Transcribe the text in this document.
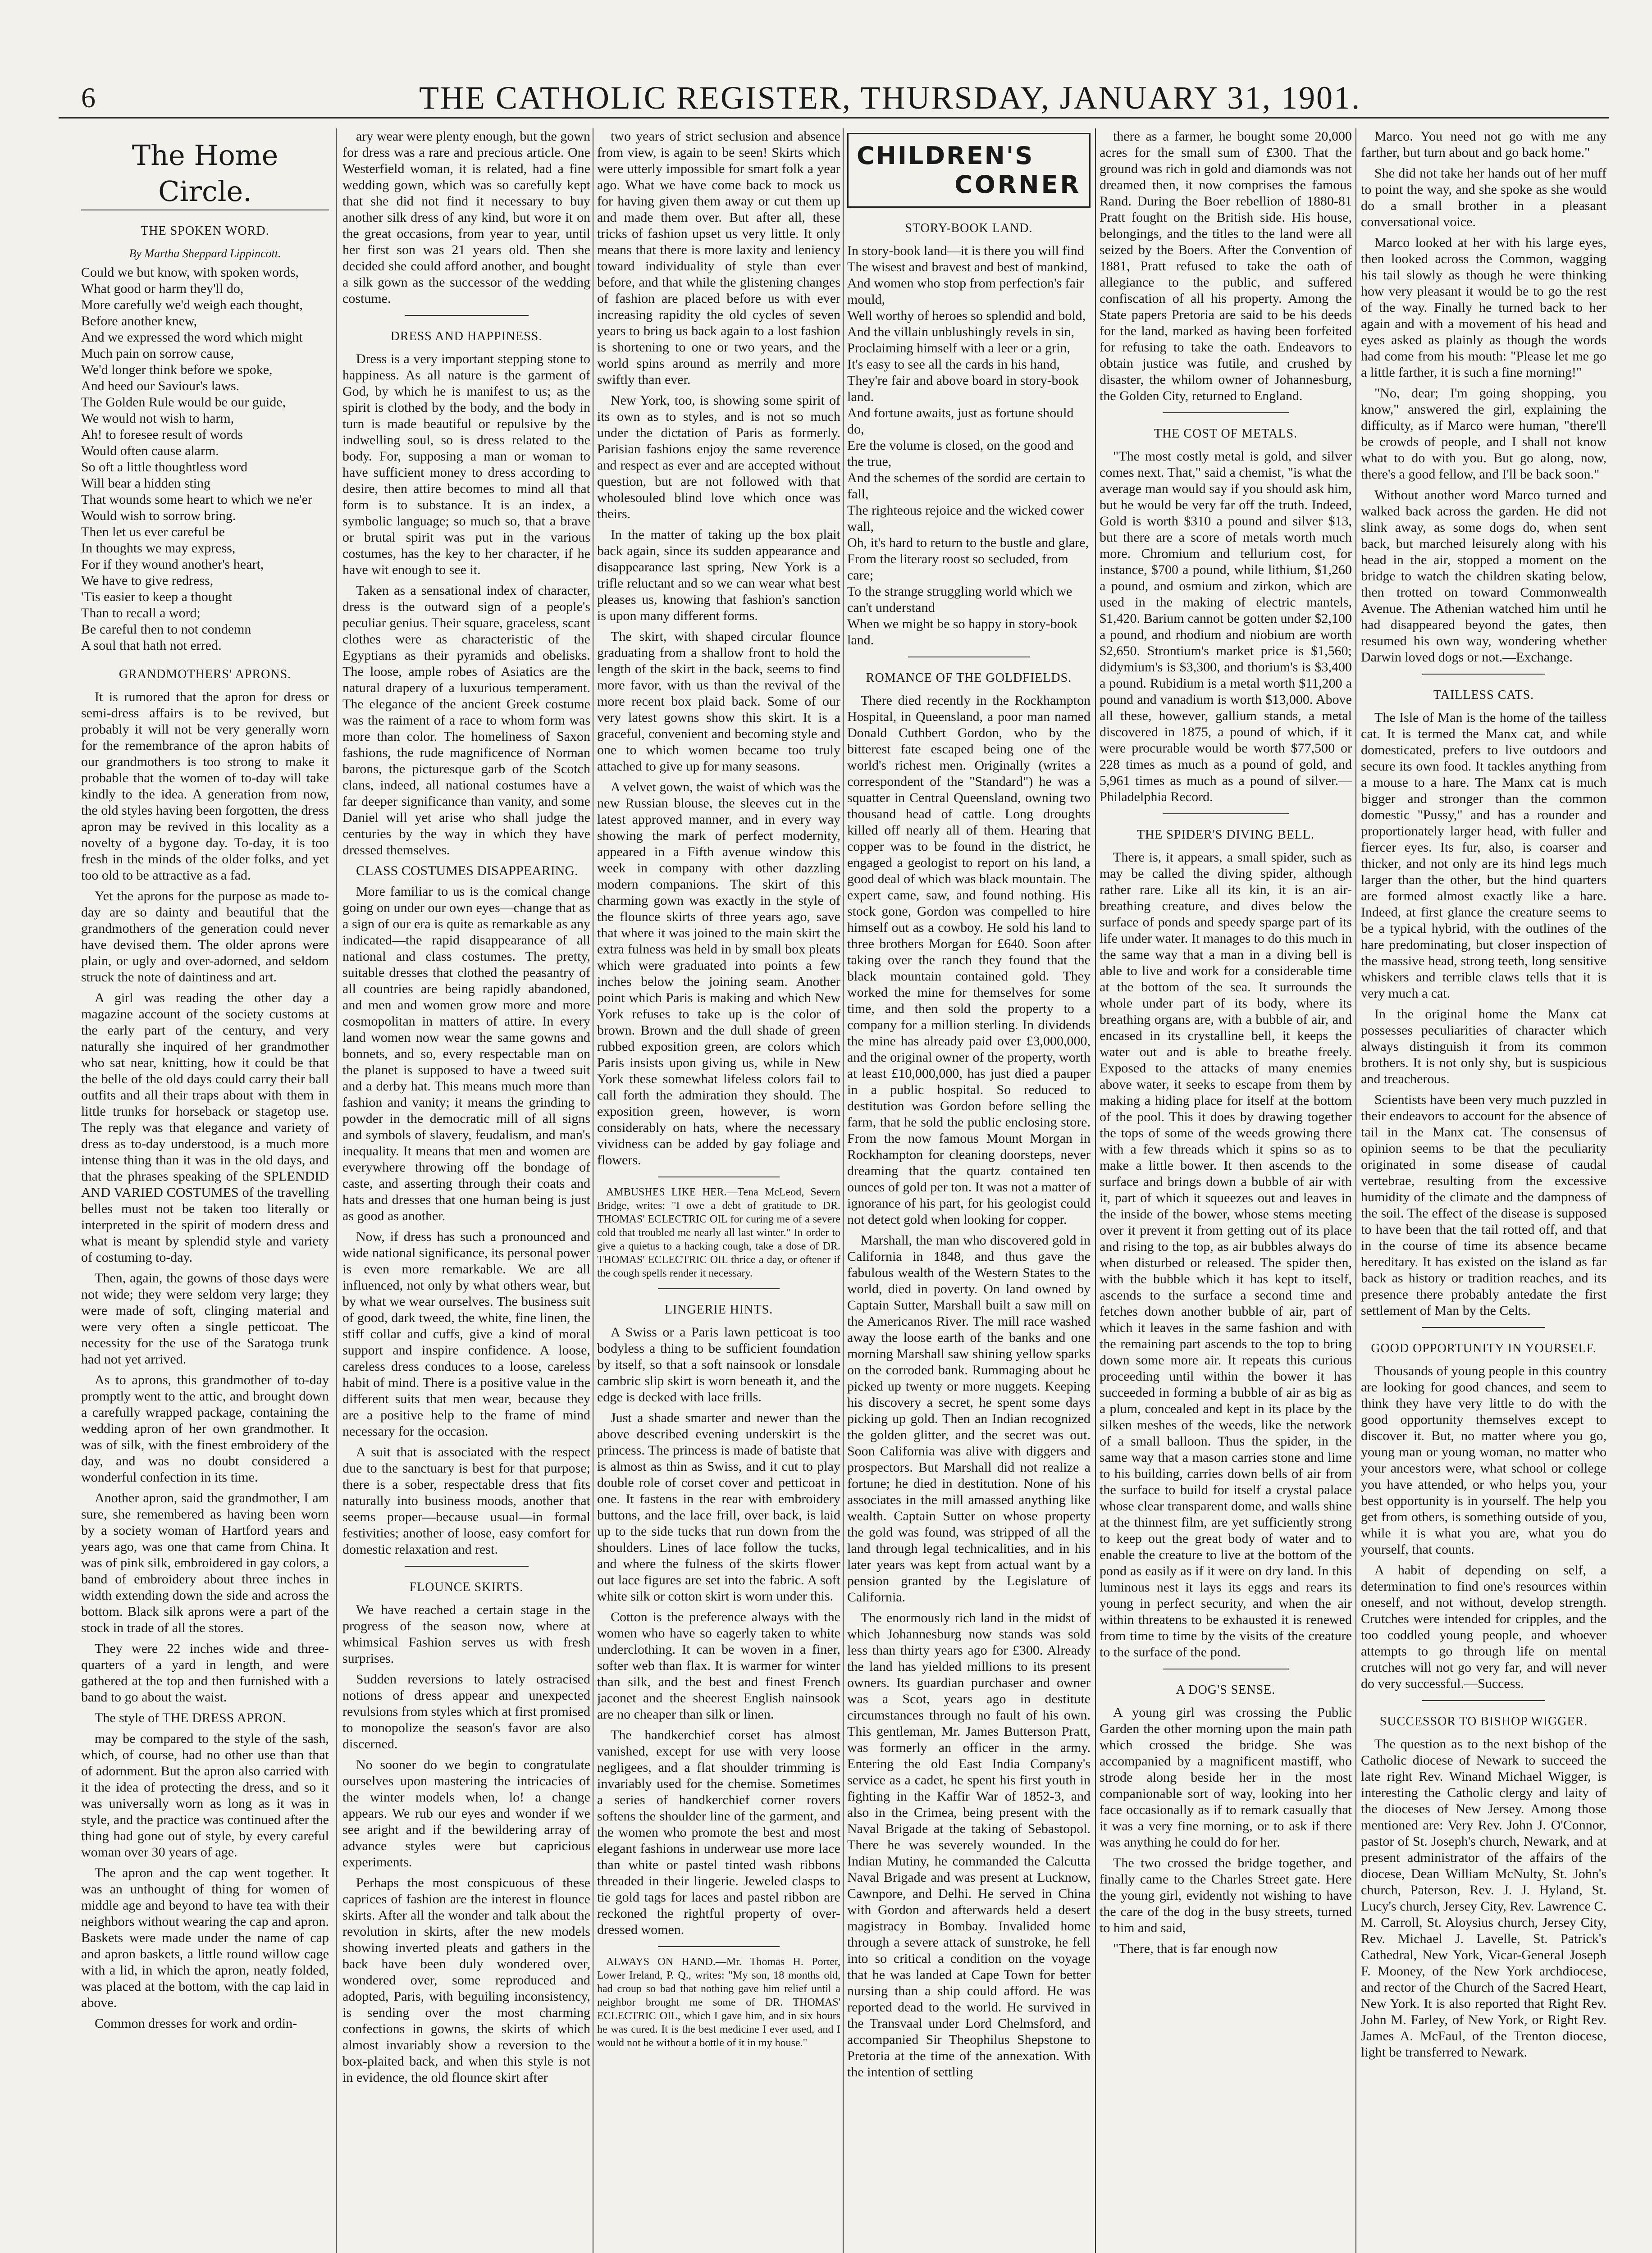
6	THE CATHOLIC REGISTER, THURSDAY, JANUARY 31, 1901.
The Home Circle.
THE SPOKEN WORD.
By Martha Sheppard Lippincott.

Could we but know, with spoken words,

What good or harm they'll do,

More carefully we'd weigh each thought,

Before another knew,

And we expressed the word which might

Much pain on sorrow cause,

We'd longer think before we spoke,

And heed our Saviour's laws.

The Golden Rule would be our guide,

We would not wish to harm,

Ah! to foresee result of words

Would often cause alarm.

So oft a little thoughtless word

Will bear a hidden sting

That wounds some heart to which we ne'er

Would wish to sorrow bring.

Then let us ever careful be

In thoughts we may express,

For if they wound another's heart,

We have to give redress,

'Tis easier to keep a thought

Than to recall a word;

Be careful then to not condemn

A soul that hath not erred.

GRANDMOTHERS' APRONS.

It is rumored that the apron for dress or semi-dress affairs is to be revived, but probably it will not be very generally worn for the remembrance of the apron habits of our grandmothers is too strong to make it probable that the women of to-day will take kindly to the idea. A generation from now, the old styles having been forgotten, the dress apron may be revived in this locality as a novelty of a bygone day. To-day, it is too fresh in the minds of the older folks, and yet too old to be attractive as a fad.

Yet the aprons for the purpose as made to-day are so dainty and beautiful that the grandmothers of the generation could never have devised them. The older aprons were plain, or ugly and over-adorned, and seldom struck the note of daintiness and art.

A girl was reading the other day a magazine account of the society customs at the early part of the century, and very naturally she inquired of her grandmother who sat near, knitting, how it could be that the belle of the old days could carry their ball outfits and all their traps about with them in little trunks for horseback or stagetop use. The reply was that elegance and variety of dress as to-day understood, is a much more intense thing than it was in the old days, and that the phrases speaking of the SPLENDID AND VARIED COSTUMES of the travelling belles must not be taken too literally or interpreted in the spirit of modern dress and what is meant by splendid style and variety of costuming to-day.

Then, again, the gowns of those days were not wide; they were seldom very large; they were made of soft, clinging material and were very often a single petticoat. The necessity for the use of the Saratoga trunk had not yet arrived.

As to aprons, this grandmother of to-day promptly went to the attic, and brought down a carefully wrapped package, containing the wedding apron of her own grandmother. It was of silk, with the finest embroidery of the day, and was no doubt considered a wonderful confection in its time.

Another apron, said the grandmother, I am sure, she remembered as having been worn by a society woman of Hartford years and years ago, was one that came from China. It was of pink silk, embroidered in gay colors, a band of embroidery about three inches in width extending down the side and across the bottom. Black silk aprons were a part of the stock in trade of all the stores.

They were 22 inches wide and three-quarters of a yard in length, and were gathered at the top and then furnished with a band to go about the waist.

The style of THE DRESS APRON.

may be compared to the style of the sash, which, of course, had no other use than that of adornment. But the apron also carried with it the idea of protecting the dress, and so it was universally worn as long as it was in style, and the practice was continued after the thing had gone out of style, by every careful woman over 30 years of age.

The apron and the cap went together. It was an unthought of thing for women of middle age and beyond to have tea with their neighbors without wearing the cap and apron. Baskets were made under the name of cap and apron baskets, a little round willow cage with a lid, in which the apron, neatly folded, was placed at the bottom, with the cap laid in above.

Common dresses for work and ordin-

ary wear were plenty enough, but the gown for dress was a rare and precious article. One Westerfield woman, it is related, had a fine wedding gown, which was so carefully kept that she did not find it necessary to buy another silk dress of any kind, but wore it on the great occasions, from year to year, until her first son was 21 years old. Then she decided she could afford another, and bought a silk gown as the successor of the wedding costume.

DRESS AND HAPPINESS.

Dress is a very important stepping stone to happiness. As all nature is the garment of God, by which he is manifest to us; as the spirit is clothed by the body, and the body in turn is made beautiful or repulsive by the indwelling soul, so is dress related to the body. For, supposing a man or woman to have sufficient money to dress according to desire, then attire becomes to mind all that form is to substance. It is an index, a symbolic language; so much so, that a brave or brutal spirit was put in the various costumes, has the key to her character, if he have wit enough to see it.

Taken as a sensational index of character, dress is the outward sign of a people's peculiar genius. Their square, graceless, scant clothes were as characteristic of the Egyptians as their pyramids and obelisks. The loose, ample robes of Asiatics are the natural drapery of a luxurious temperament. The elegance of the ancient Greek costume was the raiment of a race to whom form was more than color. The homeliness of Saxon fashions, the rude magnificence of Norman barons, the picturesque garb of the Scotch clans, indeed, all national costumes have a far deeper significance than vanity, and some Daniel will yet arise who shall judge the centuries by the way in which they have dressed themselves.

CLASS COSTUMES DISAPPEARING.

More familiar to us is the comical change going on under our own eyes—change that as a sign of our era is quite as remarkable as any indicated—the rapid disappearance of all national and class costumes. The pretty, suitable dresses that clothed the peasantry of all countries are being rapidly abandoned, and men and women grow more and more cosmopolitan in matters of attire. In every land women now wear the same gowns and bonnets, and so, every respectable man on the planet is supposed to have a tweed suit and a derby hat. This means much more than fashion and vanity; it means the grinding to powder in the democratic mill of all signs and symbols of slavery, feudalism, and man's inequality. It means that men and women are everywhere throwing off the bondage of caste, and asserting through their coats and hats and dresses that one human being is just as good as another.

Now, if dress has such a pronounced and wide national significance, its personal power is even more remarkable. We are all influenced, not only by what others wear, but by what we wear ourselves. The business suit of good, dark tweed, the white, fine linen, the stiff collar and cuffs, give a kind of moral support and inspire confidence. A loose, careless dress conduces to a loose, careless habit of mind. There is a positive value in the different suits that men wear, because they are a positive help to the frame of mind necessary for the occasion.

A suit that is associated with the respect due to the sanctuary is best for that purpose; there is a sober, respectable dress that fits naturally into business moods, another that seems proper—because usual—in formal festivities; another of loose, easy comfort for domestic relaxation and rest.

FLOUNCE SKIRTS.

We have reached a certain stage in the progress of the season now, where at whimsical Fashion serves us with fresh surprises.

Sudden reversions to lately ostracised notions of dress appear and unexpected revulsions from styles which at first promised to monopolize the season's favor are also discerned.

No sooner do we begin to congratulate ourselves upon mastering the intricacies of the winter models when, lo! a change appears. We rub our eyes and wonder if we see aright and if the bewildering array of advance styles were but capricious experiments.

Perhaps the most conspicuous of these caprices of fashion are the interest in flounce skirts. After all the wonder and talk about the revolution in skirts, after the new models showing inverted pleats and gathers in the back have been duly wondered over, wondered over, some reproduced and adopted, Paris, with beguiling inconsistency, is sending over the most charming confections in gowns, the skirts of which almost invariably show a reversion to the box-plaited back, and when this style is not in evidence, the old flounce skirt after

two years of strict seclusion and absence from view, is again to be seen! Skirts which were utterly impossible for smart folk a year ago. What we have come back to mock us for having given them away or cut them up and made them over. But after all, these tricks of fashion upset us very little. It only means that there is more laxity and leniency toward individuality of style than ever before, and that while the glistening changes of fashion are placed before us with ever increasing rapidity the old cycles of seven years to bring us back again to a lost fashion is shortening to one or two years, and the world spins around as merrily and more swiftly than ever.

New York, too, is showing some spirit of its own as to styles, and is not so much under the dictation of Paris as formerly. Parisian fashions enjoy the same reverence and respect as ever and are accepted without question, but are not followed with that wholesouled blind love which once was theirs.

In the matter of taking up the box plait back again, since its sudden appearance and disappearance last spring, New York is a trifle reluctant and so we can wear what best pleases us, knowing that fashion's sanction is upon many different forms.

The skirt, with shaped circular flounce graduating from a shallow front to hold the length of the skirt in the back, seems to find more favor, with us than the revival of the more recent box plaid back. Some of our very latest gowns show this skirt. It is a graceful, convenient and becoming style and one to which women became too truly attached to give up for many seasons.

A velvet gown, the waist of which was the new Russian blouse, the sleeves cut in the latest approved manner, and in every way showing the mark of perfect modernity, appeared in a Fifth avenue window this week in company with other dazzling modern companions. The skirt of this charming gown was exactly in the style of the flounce skirts of three years ago, save that where it was joined to the main skirt the extra fulness was held in by small box pleats which were graduated into points a few inches below the joining seam. Another point which Paris is making and which New York refuses to take up is the color of brown. Brown and the dull shade of green rubbed exposition green, are colors which Paris insists upon giving us, while in New York these somewhat lifeless colors fail to call forth the admiration they should. The exposition green, however, is worn considerably on hats, where the necessary vividness can be added by gay foliage and flowers.

AMBUSHES LIKE HER.—Tena McLeod, Severn Bridge, writes: "I owe a debt of gratitude to DR. THOMAS' ECLECTRIC OIL for curing me of a severe cold that troubled me nearly all last winter." In order to give a quietus to a hacking cough, take a dose of DR. THOMAS' ECLECTRIC OIL thrice a day, or oftener if the cough spells render it necessary.

LINGERIE HINTS.

A Swiss or a Paris lawn petticoat is too bodyless a thing to be sufficient foundation by itself, so that a soft nainsook or lonsdale cambric slip skirt is worn beneath it, and the edge is decked with lace frills.

Just a shade smarter and newer than the above described evening underskirt is the princess. The princess is made of batiste that is almost as thin as Swiss, and it cut to play double role of corset cover and petticoat in one. It fastens in the rear with embroidery buttons, and the lace frill, over back, is laid up to the side tucks that run down from the shoulders. Lines of lace follow the tucks, and where the fulness of the skirts flower out lace figures are set into the fabric. A soft white silk or cotton skirt is worn under this.

Cotton is the preference always with the women who have so eagerly taken to white underclothing. It can be woven in a finer, softer web than flax. It is warmer for winter than silk, and the best and finest French jaconet and the sheerest English nainsook are no cheaper than silk or linen.

The handkerchief corset has almost vanished, except for use with very loose negligees, and a flat shoulder trimming is invariably used for the chemise. Sometimes a series of handkerchief corner rovers softens the shoulder line of the garment, and the women who promote the best and most elegant fashions in underwear use more lace than white or pastel tinted wash ribbons threaded in their lingerie. Jeweled clasps to tie gold tags for laces and pastel ribbon are reckoned the rightful property of over-dressed women.

ALWAYS ON HAND.—Mr. Thomas H. Porter, Lower Ireland, P. Q., writes: "My son, 18 months old, had croup so bad that nothing gave him relief until a neighbor brought me some of DR. THOMAS' ECLECTRIC OIL, which I gave him, and in six hours he was cured. It is the best medicine I ever used, and I would not be without a bottle of it in my house."

CHILDREN'S
CORNER
STORY-BOOK LAND.

In story-book land—it is there you will find

The wisest and bravest and best of mankind,

And women who stop from perfection's fair mould,

Well worthy of heroes so splendid and bold,

And the villain unblushingly revels in sin,

Proclaiming himself with a leer or a grin,

It's easy to see all the cards in his hand,

They're fair and above board in story-book land.

And fortune awaits, just as fortune should do,

Ere the volume is closed, on the good and the true,

And the schemes of the sordid are certain to fall,

The righteous rejoice and the wicked cower wall,

Oh, it's hard to return to the bustle and glare,

From the literary roost so secluded, from care;

To the strange struggling world which we can't understand

When we might be so happy in story-book land.

ROMANCE OF THE GOLDFIELDS.

There died recently in the Rockhampton Hospital, in Queensland, a poor man named Donald Cuthbert Gordon, who by the bitterest fate escaped being one of the world's richest men. Originally (writes a correspondent of the "Standard") he was a squatter in Central Queensland, owning two thousand head of cattle. Long droughts killed off nearly all of them. Hearing that copper was to be found in the district, he engaged a geologist to report on his land, a good deal of which was black mountain. The expert came, saw, and found nothing. His stock gone, Gordon was compelled to hire himself out as a cowboy. He sold his land to three brothers Morgan for £640. Soon after taking over the ranch they found that the black mountain contained gold. They worked the mine for themselves for some time, and then sold the property to a company for a million sterling. In dividends the mine has already paid over £3,000,000, and the original owner of the property, worth at least £10,000,000, has just died a pauper in a public hospital. So reduced to destitution was Gordon before selling the farm, that he sold the public enclosing store. From the now famous Mount Morgan in Rockhampton for cleaning doorsteps, never dreaming that the quartz contained ten ounces of gold per ton. It was not a matter of ignorance of his part, for his geologist could not detect gold when looking for copper.

Marshall, the man who discovered gold in California in 1848, and thus gave the fabulous wealth of the Western States to the world, died in poverty. On land owned by Captain Sutter, Marshall built a saw mill on the Americanos River. The mill race washed away the loose earth of the banks and one morning Marshall saw shining yellow sparks on the corroded bank. Rummaging about he picked up twenty or more nuggets. Keeping his discovery a secret, he spent some days picking up gold. Then an Indian recognized the golden glitter, and the secret was out. Soon California was alive with diggers and prospectors. But Marshall did not realize a fortune; he died in destitution. None of his associates in the mill amassed anything like wealth. Captain Sutter on whose property the gold was found, was stripped of all the land through legal technicalities, and in his later years was kept from actual want by a pension granted by the Legislature of California.

The enormously rich land in the midst of which Johannesburg now stands was sold less than thirty years ago for £300. Already the land has yielded millions to its present owners. Its guardian purchaser and owner was a Scot, years ago in destitute circumstances through no fault of his own. This gentleman, Mr. James Butterson Pratt, was formerly an officer in the army. Entering the old East India Company's service as a cadet, he spent his first youth in fighting in the Kaffir War of 1852-3, and also in the Crimea, being present with the Naval Brigade at the taking of Sebastopol. There he was severely wounded. In the Indian Mutiny, he commanded the Calcutta Naval Brigade and was present at Lucknow, Cawnpore, and Delhi. He served in China with Gordon and afterwards held a desert magistracy in Bombay. Invalided home through a severe attack of sunstroke, he fell into so critical a condition on the voyage that he was landed at Cape Town for better nursing than a ship could afford. He was reported dead to the world. He survived in the Transvaal under Lord Chelmsford, and accompanied Sir Theophilus Shepstone to Pretoria at the time of the annexation. With the intention of settling

there as a farmer, he bought some 20,000 acres for the small sum of £300. That the ground was rich in gold and diamonds was not dreamed then, it now comprises the famous Rand. During the Boer rebellion of 1880-81 Pratt fought on the British side. His house, belongings, and the titles to the land were all seized by the Boers. After the Convention of 1881, Pratt refused to take the oath of allegiance to the public, and suffered confiscation of all his property. Among the State papers Pretoria are said to be his deeds for the land, marked as having been forfeited for refusing to take the oath. Endeavors to obtain justice was futile, and crushed by disaster, the whilom owner of Johannesburg, the Golden City, returned to England.

THE COST OF METALS.

"The most costly metal is gold, and silver comes next. That," said a chemist, "is what the average man would say if you should ask him, but he would be very far off the truth. Indeed, Gold is worth $310 a pound and silver $13, but there are a score of metals worth much more. Chromium and tellurium cost, for instance, $700 a pound, while lithium, $1,260 a pound, and osmium and zirkon, which are used in the making of electric mantels, $1,420. Barium cannot be gotten under $2,100 a pound, and rhodium and niobium are worth $2,650. Strontium's market price is $1,560; didymium's is $3,300, and thorium's is $3,400 a pound. Rubidium is a metal worth $11,200 a pound and vanadium is worth $13,000. Above all these, however, gallium stands, a metal discovered in 1875, a pound of which, if it were procurable would be worth $77,500 or 228 times as much as a pound of gold, and 5,961 times as much as a pound of silver.—Philadelphia Record.

THE SPIDER'S DIVING BELL.

There is, it appears, a small spider, such as may be called the diving spider, although rather rare. Like all its kin, it is an air-breathing creature, and dives below the surface of ponds and speedy sparge part of its life under water. It manages to do this much in the same way that a man in a diving bell is able to live and work for a considerable time at the bottom of the sea. It surrounds the whole under part of its body, where its breathing organs are, with a bubble of air, and encased in its crystalline bell, it keeps the water out and is able to breathe freely. Exposed to the attacks of many enemies above water, it seeks to escape from them by making a hiding place for itself at the bottom of the pool. This it does by drawing together the tops of some of the weeds growing there with a few threads which it spins so as to make a little bower. It then ascends to the surface and brings down a bubble of air with it, part of which it squeezes out and leaves in the inside of the bower, whose stems meeting over it prevent it from getting out of its place and rising to the top, as air bubbles always do when disturbed or released. The spider then, with the bubble which it has kept to itself, ascends to the surface a second time and fetches down another bubble of air, part of which it leaves in the same fashion and with the remaining part ascends to the top to bring down some more air. It repeats this curious proceeding until within the bower it has succeeded in forming a bubble of air as big as a plum, concealed and kept in its place by the silken meshes of the weeds, like the network of a small balloon. Thus the spider, in the same way that a mason carries stone and lime to his building, carries down bells of air from the surface to build for itself a crystal palace whose clear transparent dome, and walls shine at the thinnest film, are yet sufficiently strong to keep out the great body of water and to enable the creature to live at the bottom of the pond as easily as if it were on dry land. In this luminous nest it lays its eggs and rears its young in perfect security, and when the air within threatens to be exhausted it is renewed from time to time by the visits of the creature to the surface of the pond.

A DOG'S SENSE.

A young girl was crossing the Public Garden the other morning upon the main path which crossed the bridge. She was accompanied by a magnificent mastiff, who strode along beside her in the most companionable sort of way, looking into her face occasionally as if to remark casually that it was a very fine morning, or to ask if there was anything he could do for her.

The two crossed the bridge together, and finally came to the Charles Street gate. Here the young girl, evidently not wishing to have the care of the dog in the busy streets, turned to him and said,

"There, that is far enough now

Marco. You need not go with me any farther, but turn about and go back home."

She did not take her hands out of her muff to point the way, and she spoke as she would do a small brother in a pleasant conversational voice.

Marco looked at her with his large eyes, then looked across the Common, wagging his tail slowly as though he were thinking how very pleasant it would be to go the rest of the way. Finally he turned back to her again and with a movement of his head and eyes asked as plainly as though the words had come from his mouth: "Please let me go a little farther, it is such a fine morning!"

"No, dear; I'm going shopping, you know," answered the girl, explaining the difficulty, as if Marco were human, "there'll be crowds of people, and I shall not know what to do with you. But go along, now, there's a good fellow, and I'll be back soon."

Without another word Marco turned and walked back across the garden. He did not slink away, as some dogs do, when sent back, but marched leisurely along with his head in the air, stopped a moment on the bridge to watch the children skating below, then trotted on toward Commonwealth Avenue. The Athenian watched him until he had disappeared beyond the gates, then resumed his own way, wondering whether Darwin loved dogs or not.—Exchange.

TAILLESS CATS.

The Isle of Man is the home of the tailless cat. It is termed the Manx cat, and while domesticated, prefers to live outdoors and secure its own food. It tackles anything from a mouse to a hare. The Manx cat is much bigger and stronger than the common domestic "Pussy," and has a rounder and proportionately larger head, with fuller and fiercer eyes. Its fur, also, is coarser and thicker, and not only are its hind legs much larger than the other, but the hind quarters are formed almost exactly like a hare. Indeed, at first glance the creature seems to be a typical hybrid, with the outlines of the hare predominating, but closer inspection of the massive head, strong teeth, long sensitive whiskers and terrible claws tells that it is very much a cat.

In the original home the Manx cat possesses peculiarities of character which always distinguish it from its common brothers. It is not only shy, but is suspicious and treacherous.

Scientists have been very much puzzled in their endeavors to account for the absence of tail in the Manx cat. The consensus of opinion seems to be that the peculiarity originated in some disease of caudal vertebrae, resulting from the excessive humidity of the climate and the dampness of the soil. The effect of the disease is supposed to have been that the tail rotted off, and that in the course of time its absence became hereditary. It has existed on the island as far back as history or tradition reaches, and its presence there probably antedate the first settlement of Man by the Celts.

GOOD OPPORTUNITY IN YOURSELF.

Thousands of young people in this country are looking for good chances, and seem to think they have very little to do with the good opportunity themselves except to discover it. But, no matter where you go, young man or young woman, no matter who your ancestors were, what school or college you have attended, or who helps you, your best opportunity is in yourself. The help you get from others, is something outside of you, while it is what you are, what you do yourself, that counts.

A habit of depending on self, a determination to find one's resources within oneself, and not without, develop strength. Crutches were intended for cripples, and the too coddled young people, and whoever attempts to go through life on mental crutches will not go very far, and will never do very successful.—Success.

SUCCESSOR TO BISHOP WIGGER.

The question as to the next bishop of the Catholic diocese of Newark to succeed the late right Rev. Winand Michael Wigger, is interesting the Catholic clergy and laity of the dioceses of New Jersey. Among those mentioned are: Very Rev. John J. O'Connor, pastor of St. Joseph's church, Newark, and at present administrator of the affairs of the diocese, Dean William McNulty, St. John's church, Paterson, Rev. J. J. Hyland, St. Lucy's church, Jersey City, Rev. Lawrence C. M. Carroll, St. Aloysius church, Jersey City, Rev. Michael J. Lavelle, St. Patrick's Cathedral, New York, Vicar-General Joseph F. Mooney, of the New York archdiocese, and rector of the Church of the Sacred Heart, New York. It is also reported that Right Rev. John M. Farley, of New York, or Right Rev. James A. McFaul, of the Trenton diocese, light be transferred to Newark.
